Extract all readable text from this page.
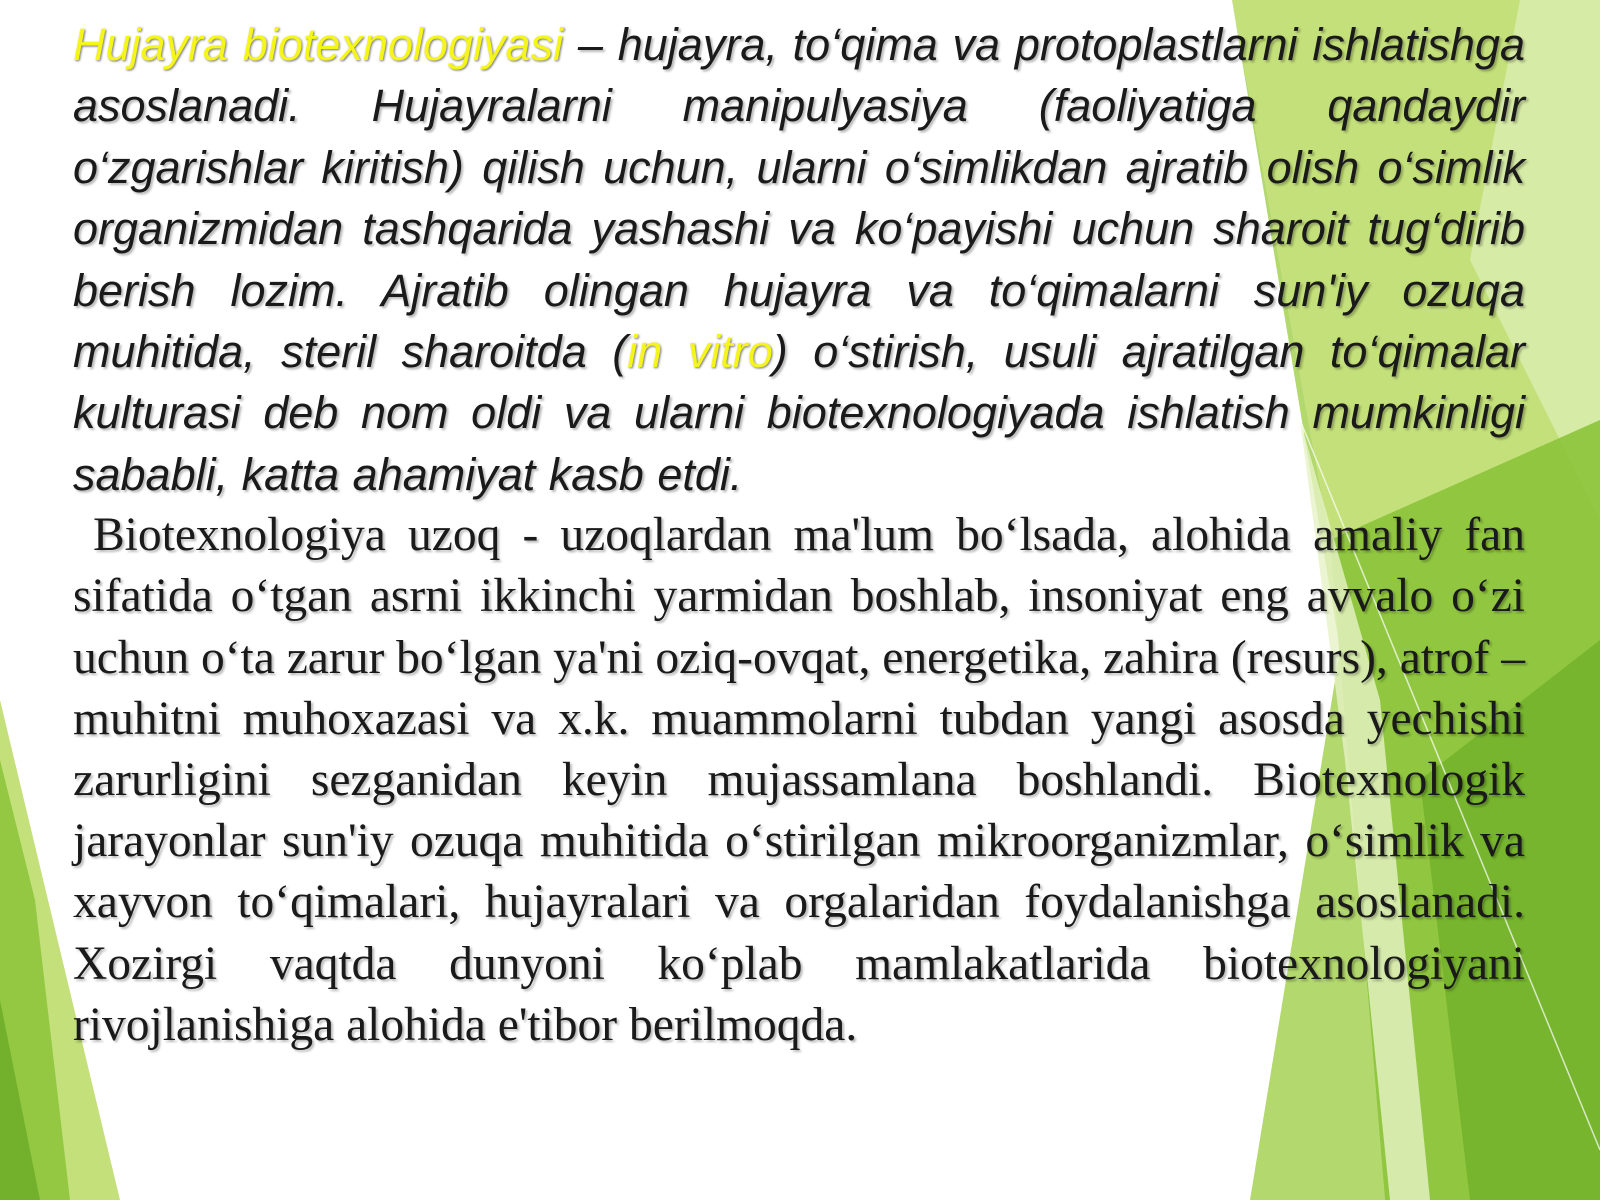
Hujayra biotexnologiyasi – hujayra, to‘qima va protoplastlarni ishlatishga asoslanadi. Hujayralarni manipulyasiya (faoliyatiga qandaydir o‘zgarishlar kiritish) qilish uchun, ularni o‘simlikdan ajratib olish o‘simlik organizmidan tashqarida yashashi va ko‘payishi uchun sharoit tug‘dirib berish lozim. Ajratib olingan hujayra va to‘qimalarni sun'iy ozuqa muhitida, steril sharoitda (in vitro) o‘stirish, usuli ajratilgan to‘qimalar kulturasi deb nom oldi va ularni biotexnologiyada ishlatish mumkinligi sababli, katta ahamiyat kasb etdi.

Biotexnologiya uzoq - uzoqlardan ma'lum bo‘lsada, alohida amaliy fan sifatida o‘tgan asrni ikkinchi yarmidan boshlab, insoniyat eng avvalo o‘zi uchun o‘ta zarur bo‘lgan ya'ni oziq-ovqat, energetika, zahira (resurs), atrof – muhitni muhoxazasi va x.k. muammolarni tubdan yangi asosda yechishi zarurligini sezganidan keyin mujassamlana boshlandi. Biotexnologik jarayonlar sun'iy ozuqa muhitida o‘stirilgan mikroorganizmlar, o‘simlik va xayvon to‘qimalari, hujayralari va orgalaridan foydalanishga asoslanadi. Xozirgi vaqtda dunyoni ko‘plab mamlakatlarida biotexnologiyani rivojlanishiga alohida e'tibor berilmoqda.
